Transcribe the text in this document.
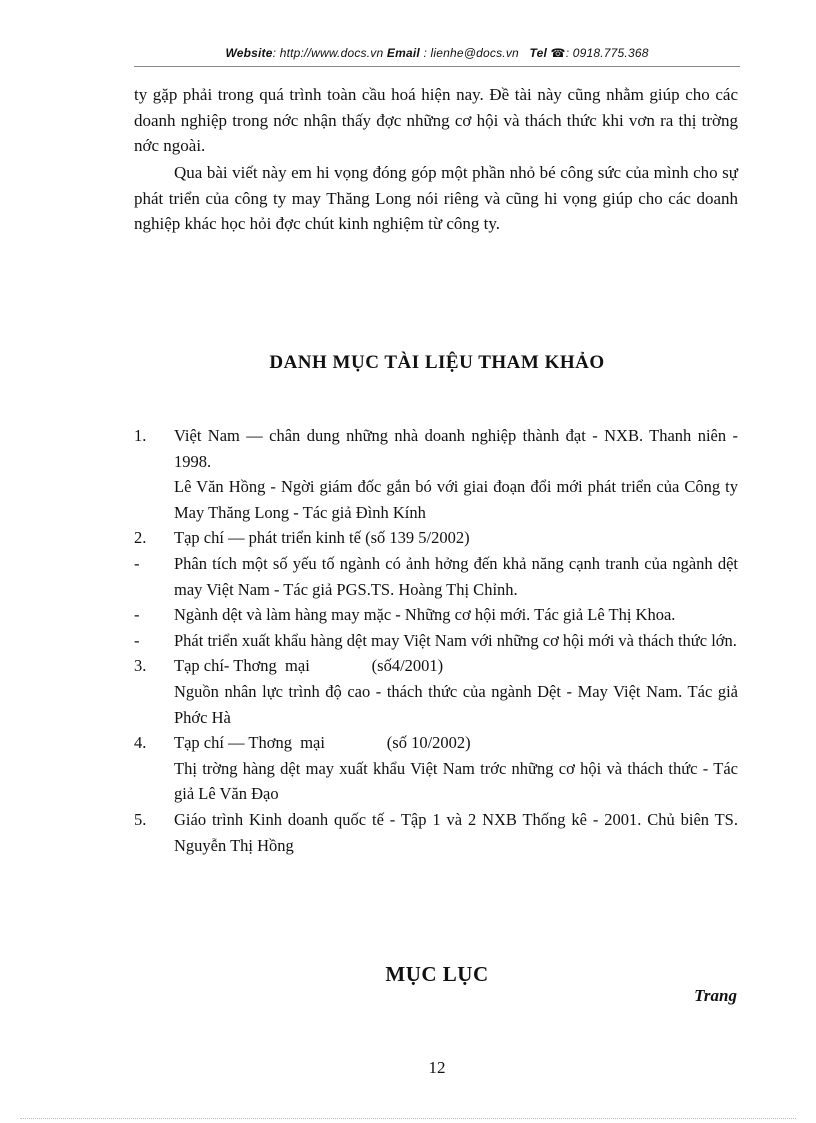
Website: http://www.docs.vn Email : lienhe@docs.vn Tel ☎: 0918.775.368

ty gặp phải trong quá trình toàn cầu hoá hiện nay. Đề tài này cũng nhằm giúp cho các doanh nghiệp trong nớc nhận thấy đợc những cơ hội và thách thức khi vơn ra thị trờng nớc ngoài.

Qua bài viết này em hi vọng đóng góp một phần nhỏ bé công sức của mình cho sự phát triển của công ty may Thăng Long nói riêng và cũng hi vọng giúp cho các doanh nghiệp khác học hỏi đợc chút kinh nghiệm từ công ty.

DANH MỤC TÀI LIỆU THAM KHẢO
1. Việt Nam — chân dung những nhà doanh nghiệp thành đạt - NXB. Thanh niên - 1998.
Lê Văn Hồng - Ngời giám đốc gắn bó với giai đoạn đổi mới phát triển của Công ty May Thăng Long - Tác giả Đình Kính
2. Tạp chí — phát triển kinh tế (số 139 5/2002)
- Phân tích một số yếu tố ngành có ảnh hởng đến khả năng cạnh tranh của ngành dệt may Việt Nam - Tác giả PGS.TS. Hoàng Thị Chỉnh.
- Ngành dệt và làm hàng may mặc - Những cơ hội mới. Tác giả Lê Thị Khoa.
- Phát triển xuất khẩu hàng dệt may Việt Nam với những cơ hội mới và thách thức lớn.
3. Tạp chí- Thơng  mại               (số4/2001)
Nguồn nhân lực trình độ cao - thách thức của ngành Dệt - May Việt Nam. Tác giả Phớc Hà
4. Tạp chí — Thơng  mại               (số 10/2002)
Thị trờng hàng dệt may xuất khẩu Việt Nam trớc những cơ hội và thách thức - Tác giả Lê Văn Đạo
5. Giáo trình Kinh doanh quốc tế - Tập 1 và 2 NXB Thống kê - 2001. Chủ biên TS. Nguyễn Thị Hồng
MỤC LỤC
Trang
12
